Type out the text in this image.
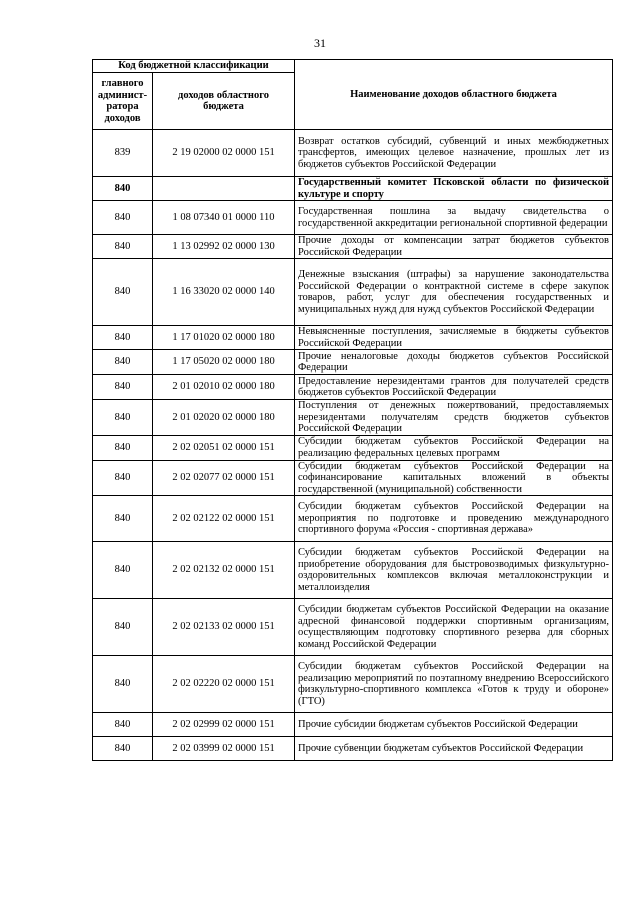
31
Код бюджетной классификации		Наименование доходов областного бюджета
главного админист-ратора доходов	доходов областного бюджета	
839	2 19 02000 02 0000 151	Возврат остатков субсидий, субвенций и иных межбюджетных трансфертов, имеющих целевое назначение, прошлых лет из бюджетов субъектов Российской Федерации
840		Государственный комитет Псковской области по физической культуре и спорту
840	1 08 07340 01 0000 110	Государственная пошлина за выдачу свидетельства о государственной аккредитации региональной спортивной федерации
840	1 13 02992 02 0000 130	Прочие доходы от компенсации затрат бюджетов субъектов Российской Федерации
840	1 16 33020 02 0000 140	Денежные взыскания (штрафы) за нарушение законодательства Российской Федерации о контрактной системе в сфере закупок товаров, работ, услуг для обеспечения государственных и муниципальных нужд для нужд субъектов Российской Федерации
840	1 17 01020 02 0000 180	Невыясненные поступления, зачисляемые в бюджеты субъектов Российской Федерации
840	1 17 05020 02 0000 180	Прочие неналоговые доходы бюджетов субъектов Российской Федерации
840	2 01 02010 02 0000 180	Предоставление нерезидентами грантов для получателей средств бюджетов субъектов Российской Федерации
840	2 01 02020 02 0000 180	Поступления от денежных пожертвований, предоставляемых нерезидентами получателям средств бюджетов субъектов Российской Федерации
840	2 02 02051 02 0000 151	Субсидии бюджетам субъектов Российской Федерации на реализацию федеральных целевых программ
840	2 02 02077 02 0000 151	Субсидии бюджетам субъектов Российской Федерации на софинансирование капитальных вложений в объекты государственной (муниципальной) собственности
840	2 02 02122 02 0000 151	Субсидии бюджетам субъектов Российской Федерации на мероприятия по подготовке и проведению международного спортивного форума «Россия - спортивная держава»
840	2 02 02132 02 0000 151	Субсидии бюджетам субъектов Российской Федерации на приобретение оборудования для быстровозводимых физкультурно-оздоровительных комплексов включая металлоконструкции и металлоизделия
840	2 02 02133 02 0000 151	Субсидии бюджетам субъектов Российской Федерации на оказание адресной финансовой поддержки спортивным организациям, осуществляющим подготовку спортивного резерва для сборных команд Российской Федерации
840	2 02 02220 02 0000 151	Субсидии бюджетам субъектов Российской Федерации на реализацию мероприятий по поэтапному внедрению Всероссийского физкультурно-спортивного комплекса «Готов к труду и обороне» (ГТО)
840	2 02 02999 02 0000 151	Прочие субсидии бюджетам субъектов Российской Федерации
840	2 02 03999 02 0000 151	Прочие субвенции бюджетам субъектов Российской Федерации
